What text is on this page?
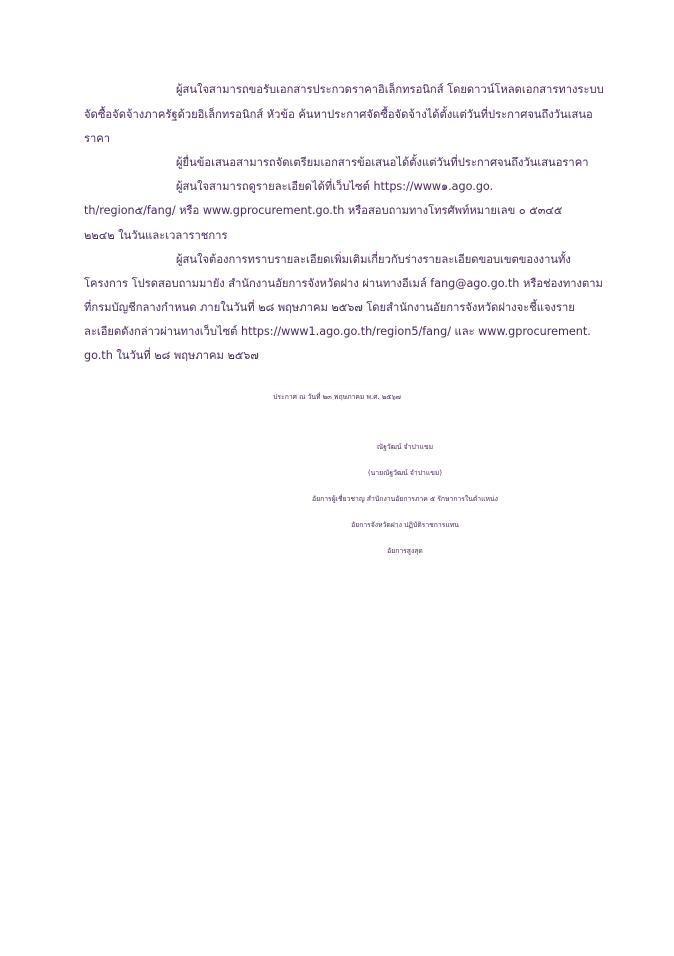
ผู้สนใจสามารถขอรับเอกสารประกวดราคาอิเล็กทรอนิกส์ โดยดาวน์โหลดเอกสารทางระบบ
จัดซื้อจัดจ้างภาครัฐด้วยอิเล็กทรอนิกส์ หัวข้อ ค้นหาประกาศจัดซื้อจัดจ้างได้ตั้งแต่วันที่ประกาศจนถึงวันเสนอ
ราคา
ผู้ยื่นข้อเสนอสามารถจัดเตรียมเอกสารข้อเสนอได้ตั้งแต่วันที่ประกาศจนถึงวันเสนอราคา
ผู้สนใจสามารถดูรายละเอียดได้ที่เว็บไซต์ https://www๑.ago.go.
th/region๕/fang/ หรือ www.gprocurement.go.th หรือสอบถามทางโทรศัพท์หมายเลข ๐ ๕๓๔๕
๒๒๔๒ ในวันและเวลาราชการ
ผู้สนใจต้องการทราบรายละเอียดเพิ่มเติมเกี่ยวกับร่างรายละเอียดขอบเขตของงานทั้ง
โครงการ โปรดสอบถามมายัง สำนักงานอัยการจังหวัดฝาง ผ่านทางอีเมล์ fang@ago.go.th หรือช่องทางตาม
ที่กรมบัญชีกลางกำหนด ภายในวันที่ ๒๘ พฤษภาคม ๒๕๖๗ โดยสำนักงานอัยการจังหวัดฝางจะชี้แจงราย
ละเอียดดังกล่าวผ่านทางเว็บไซต์ https://www1.ago.go.th/region5/fang/ และ www.gprocurement.
go.th ในวันที่ ๒๘ พฤษภาคม ๒๕๖๗
ประกาศ ณ วันที่ ๒๓ พฤษภาคม พ.ศ. ๒๕๖๗
ณัฐวัฒน์ จำปาแขม
(นายณัฐวัฒน์ จำปาแขม)
อัยการผู้เชี่ยวชาญ สำนักงานอัยการภาค ๕ รักษาการในตำแหน่ง
อัยการจังหวัดฝาง ปฏิบัติราชการแทน
อัยการสูงสุด
